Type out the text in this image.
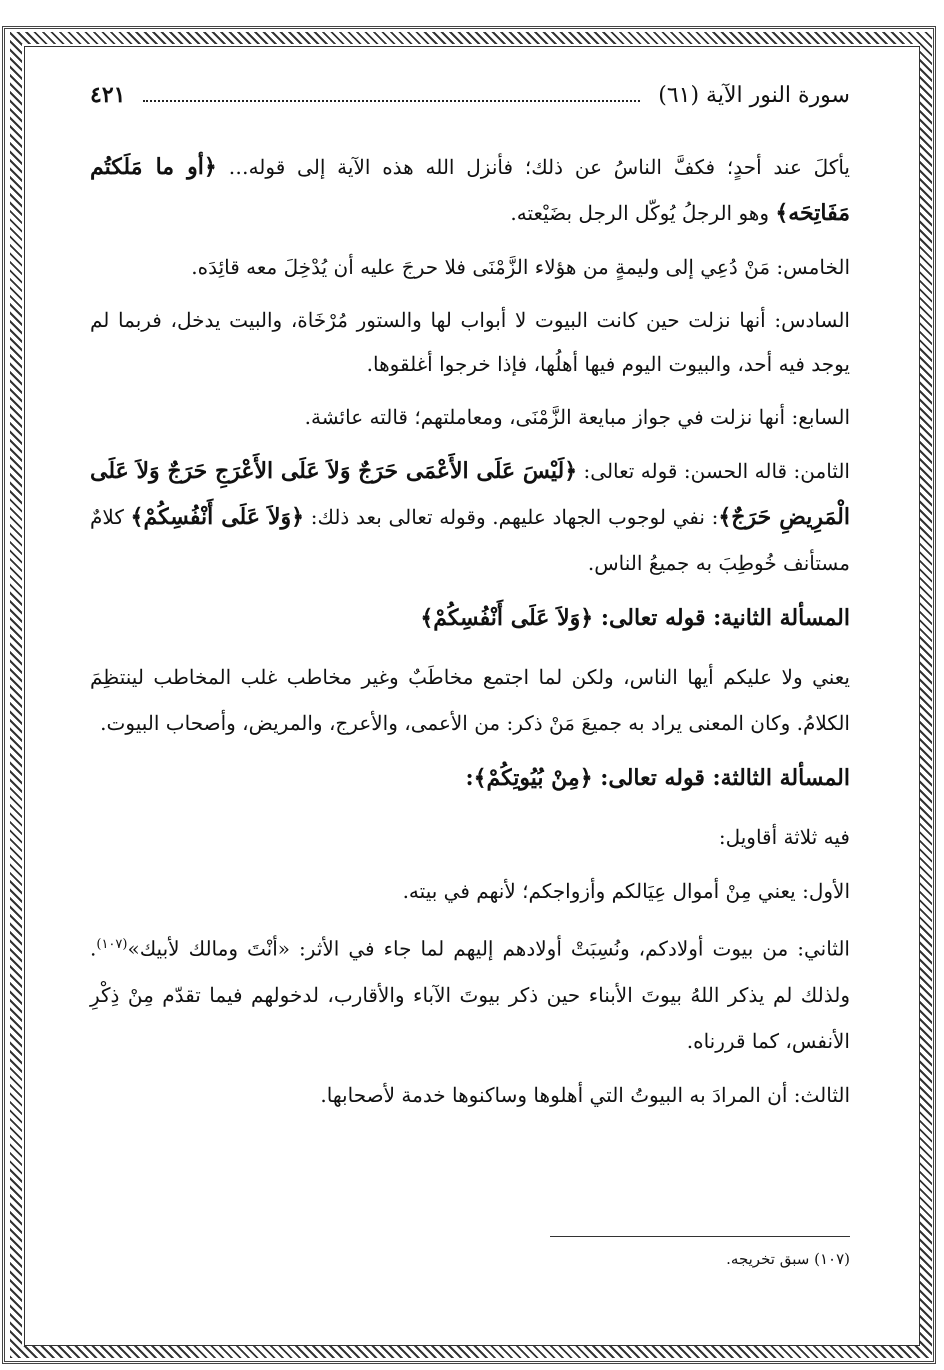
سورة النور الآية (٦١)
٤٢١

يأكلَ عند أحدٍ؛ فكفَّ الناسُ عن ذلك؛ فأنزل الله هذه الآية إلى قوله… ﴿أو ما مَلَكتُم مَفَاتِحَه﴾ وهو الرجلُ يُوكّل الرجل بضَيْعته.

الخامس: مَنْ دُعِي إلى وليمةٍ من هؤلاء الزَّمْنَى فلا حرجَ عليه أن يُدْخِلَ معه قائِدَه.

السادس: أنها نزلت حين كانت البيوت لا أبواب لها والستور مُرْخَاة، والبيت يدخل، فربما لم يوجد فيه أحد، والبيوت اليوم فيها أهلُها، فإذا خرجوا أغلقوها.

السابع: أنها نزلت في جواز مبايعة الزَّمْنَى، ومعاملتهم؛ قالته عائشة.

الثامن: قاله الحسن: قوله تعالى: ﴿لَيْسَ عَلَى الأَعْمَى حَرَجٌ وَلاَ عَلَى الأَعْرَجِ حَرَجٌ وَلاَ عَلَى الْمَرِيضِ حَرَجٌ﴾: نفي لوجوب الجهاد عليهم. وقوله تعالى بعد ذلك: ﴿وَلاَ عَلَى أَنْفُسِكُمْ﴾ كلامٌ مستأنف خُوطِبَ به جميعُ الناس.

المسألة الثانية: قوله تعالى: ﴿وَلاَ عَلَى أَنْفُسِكُمْ﴾

يعني ولا عليكم أيها الناس، ولكن لما اجتمع مخاطَبٌ وغير مخاطب غلب المخاطب لينتظِمَ الكلامُ. وكان المعنى يراد به جميعَ مَنْ ذكر: من الأعمى، والأعرج، والمريض، وأصحاب البيوت.

المسألة الثالثة: قوله تعالى: ﴿مِنْ بُيُوتِكُمْ﴾:

فيه ثلاثة أقاويل:

الأول: يعني مِنْ أموال عِيَالكم وأزواجكم؛ لأنهم في بيته.

الثاني: من بيوت أولادكم، ونُسِبَتْ أولادهم إليهم لما جاء في الأثر: «أنْتَ ومالك لأبيك»$^{(١٠٧)}$. ولذلك لم يذكر اللهُ بيوتَ الأبناء حين ذكر بيوتَ الآباء والأقارب، لدخولهم فيما تقدّم مِنْ ذِكْرِ الأنفس، كما قررناه.

الثالث: أن المرادَ به البيوتُ التي أهلوها وساكنوها خدمة لأصحابها.

(١٠٧) سبق تخريجه.
